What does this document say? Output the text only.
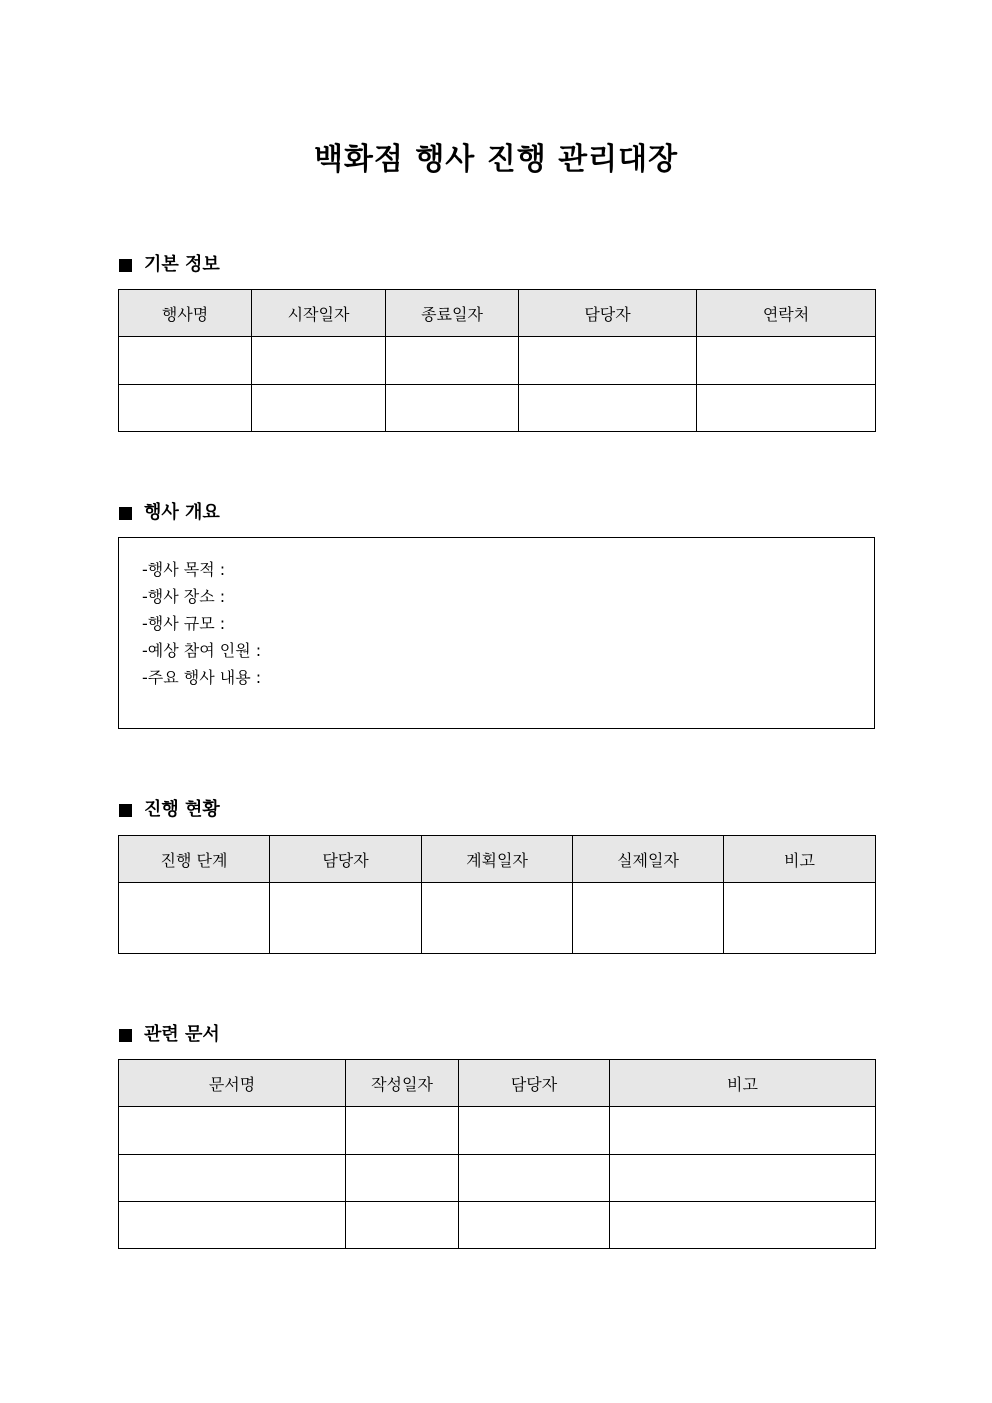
백화점 행사 진행 관리대장
기본 정보
행사명	시작일자	종료일자	담당자	연락처

행사 개요
-행사 목적 :
-행사 장소 :
-행사 규모 :
-예상 참여 인원 :
-주요 행사 내용 :
진행 현황
진행 단계	담당자	계획일자	실제일자	비고

관련 문서
문서명	작성일자	담당자	비고
